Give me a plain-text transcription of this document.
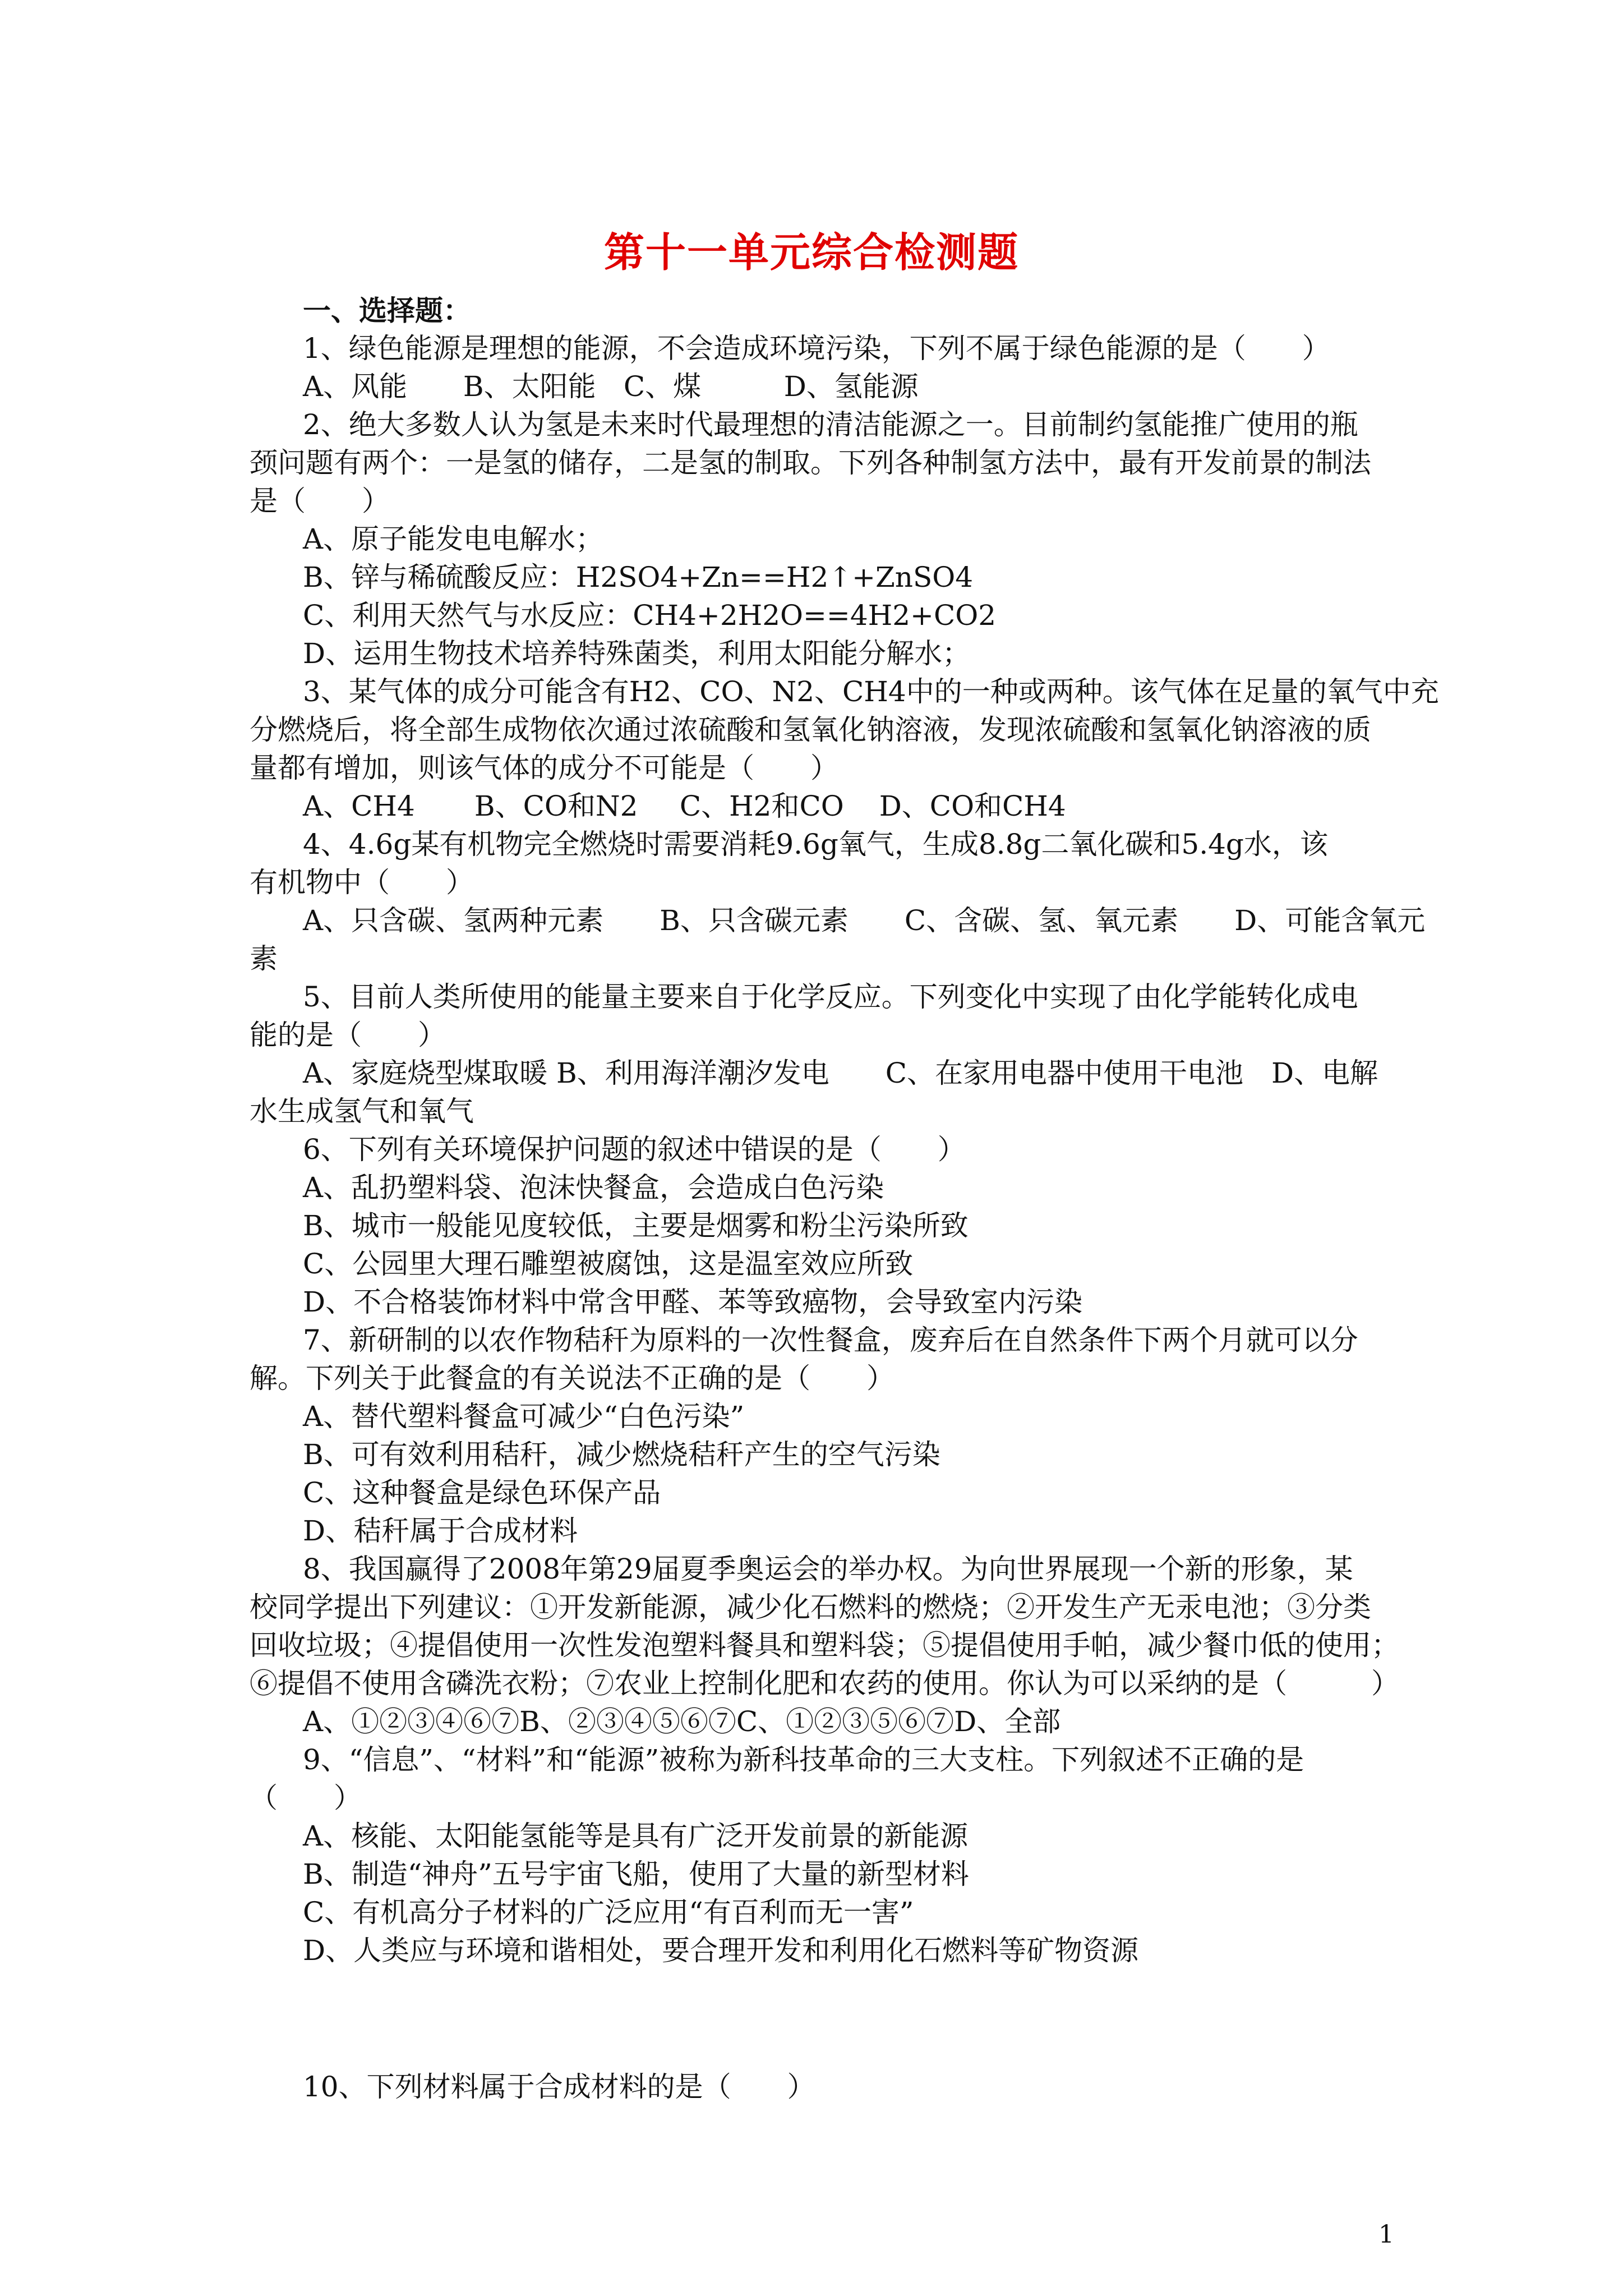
第十一单元综合检测题
一、选择题：
1、绿色能源是理想的能源，不会造成环境污染，下列不属于绿色能源的是（　　）
A、风能 B、太阳能 C、煤	D、氢能源
2、绝大多数人认为氢是未来时代最理想的清洁能源之一。目前制约氢能推广使用的瓶
颈问题有两个：一是氢的储存，二是氢的制取。下列各种制氢方法中，最有开发前景的制法
是（　　）
A、原子能发电电解水；
B、锌与稀硫酸反应：H2SO4+Zn==H2↑+ZnSO4
C、利用天然气与水反应：CH4+2H2O==4H2+CO2
D、运用生物技术培养特殊菌类，利用太阳能分解水；
3、某气体的成分可能含有H2、CO、N2、CH4中的一种或两种。该气体在足量的氧气中充
分燃烧后，将全部生成物依次通过浓硫酸和氢氧化钠溶液，发现浓硫酸和氢氧化钠溶液的质
量都有增加，则该气体的成分不可能是（　　）
A、CH4 B、CO和N2 C、H2和CO D、CO和CH4
4、4.6g某有机物完全燃烧时需要消耗9.6g氧气，生成8.8g二氧化碳和5.4g水，该
有机物中（　　）
A、只含碳、氢两种元素　　B、只含碳元素　　C、含碳、氢、氧元素　　D、可能含氧元
素
5、目前人类所使用的能量主要来自于化学反应。下列变化中实现了由化学能转化成电
能的是（　　）
A、家庭烧型煤取暖 B、利用海洋潮汐发电　　C、在家用电器中使用干电池　D、电解
水生成氢气和氧气
6、下列有关环境保护问题的叙述中错误的是（　　）
A、乱扔塑料袋、泡沫快餐盒，会造成白色污染
B、城市一般能见度较低，主要是烟雾和粉尘污染所致
C、公园里大理石雕塑被腐蚀，这是温室效应所致
D、不合格装饰材料中常含甲醛、苯等致癌物，会导致室内污染
7、新研制的以农作物秸秆为原料的一次性餐盒，废弃后在自然条件下两个月就可以分
解。下列关于此餐盒的有关说法不正确的是（　　）
A、替代塑料餐盒可减少“白色污染”
B、可有效利用秸秆，减少燃烧秸秆产生的空气污染
C、这种餐盒是绿色环保产品
D、秸秆属于合成材料
8、我国赢得了2008年第29届夏季奥运会的举办权。为向世界展现一个新的形象，某
校同学提出下列建议：①开发新能源，减少化石燃料的燃烧；②开发生产无汞电池；③分类
回收垃圾；④提倡使用一次性发泡塑料餐具和塑料袋；⑤提倡使用手帕，减少餐巾低的使用；
⑥提倡不使用含磷洗衣粉；⑦农业上控制化肥和农药的使用。你认为可以采纳的是（　　　）
A、①②③④⑥⑦B、②③④⑤⑥⑦C、①②③⑤⑥⑦D、全部
9、“信息”、“材料”和“能源”被称为新科技革命的三大支柱。下列叙述不正确的是
（　　）
A、核能、太阳能氢能等是具有广泛开发前景的新能源
B、制造“神舟”五号宇宙飞船，使用了大量的新型材料
C、有机高分子材料的广泛应用“有百利而无一害”
D、人类应与环境和谐相处，要合理开发和利用化石燃料等矿物资源
10、下列材料属于合成材料的是（　　）
1
